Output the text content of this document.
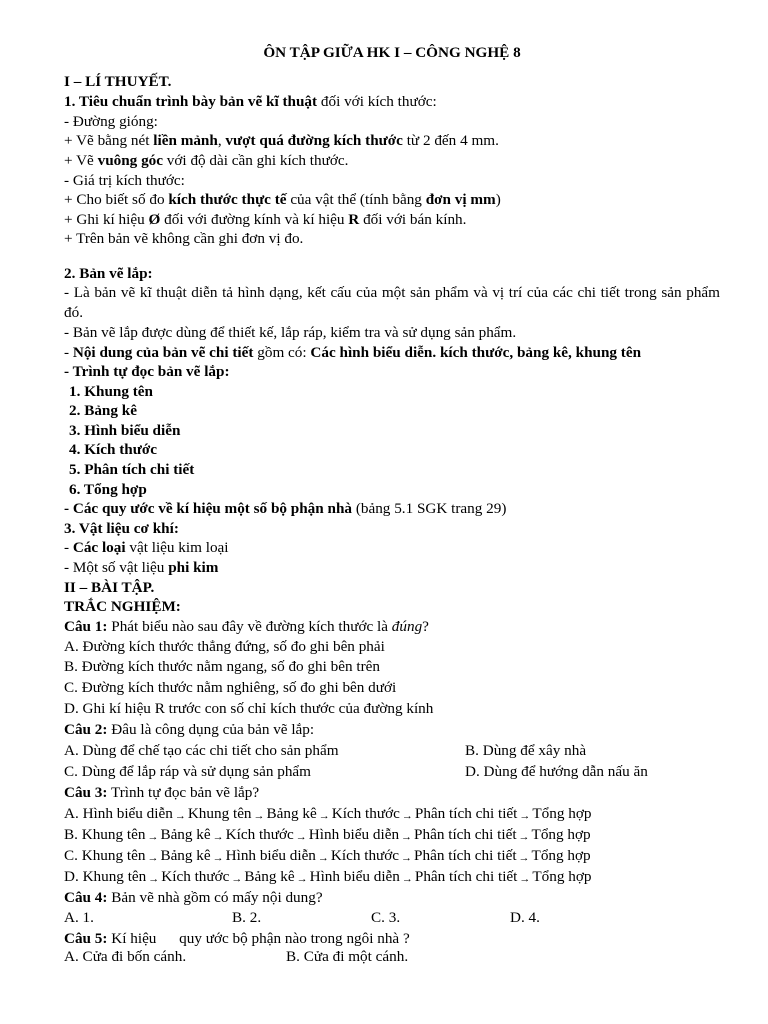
ÔN TẬP GIỮA HK I – CÔNG NGHỆ 8
I – LÍ THUYẾT.
1. Tiêu chuẩn trình bày bản vẽ kĩ thuật đối với kích thước:
- Đường gióng:
+ Vẽ bằng nét liền mảnh, vượt quá đường kích thước từ 2 đến 4 mm.
+ Vẽ vuông góc với độ dài cần ghi kích thước.
- Giá trị kích thước:
+ Cho biết số đo kích thước thực tế của vật thể (tính bằng đơn vị mm)
+ Ghi kí hiệu Ø đối với đường kính và kí hiệu R đối với bán kính.
+ Trên bản vẽ không cần ghi đơn vị đo.
2. Bản vẽ lắp:
- Là bản vẽ kĩ thuật diễn tả hình dạng, kết cấu của một sản phẩm và vị trí của các chi tiết trong sản phẩm đó.
- Bản vẽ lắp được dùng để thiết kế, lắp ráp, kiểm tra và sử dụng sản phẩm.
- Nội dung của bản vẽ chi tiết gồm có: Các hình biểu diễn. kích thước, bảng kê, khung tên
- Trình tự đọc bản vẽ lắp:
1. Khung tên
2. Bảng kê
3. Hình biểu diễn
4. Kích thước
5. Phân tích chi tiết
6. Tổng hợp
- Các quy ước về kí hiệu một số bộ phận nhà (bảng 5.1 SGK trang 29)
3. Vật liệu cơ khí:
- Các loại vật liệu kim loại
- Một số vật liệu phi kim
II – BÀI TẬP.
TRẮC NGHIỆM:
Câu 1: Phát biểu nào sau đây về đường kích thước là đúng?
A. Đường kích thước thẳng đứng, số đo ghi bên phải
B. Đường kích thước nằm ngang, số đo ghi bên trên
C. Đường kích thước nằm nghiêng, số đo ghi bên dưới
D. Ghi kí hiệu R trước con số chỉ kích thước của đường kính
Câu 2: Đâu là công dụng của bản vẽ lắp:
A. Dùng để chế tạo các chi tiết cho sản phẩm	B. Dùng để xây nhà
C. Dùng để lắp ráp và sử dụng sản phẩm	D. Dùng để hướng dẫn nấu ăn
Câu 3: Trình tự đọc bản vẽ lắp?
A. Hình biểu diễn → Khung tên → Bảng kê → Kích thước → Phân tích chi tiết → Tổng hợp
B. Khung tên → Bảng kê → Kích thước → Hình biểu diễn → Phân tích chi tiết → Tổng hợp
C. Khung tên → Bảng kê → Hình biểu diễn → Kích thước → Phân tích chi tiết → Tổng hợp
D. Khung tên → Kích thước → Bảng kê → Hình biểu diễn → Phân tích chi tiết → Tổng hợp
Câu 4: Bản vẽ nhà gồm có mấy nội dung?
A. 1.	B. 2.	C. 3.	D. 4.
Câu 5: Kí hiệu      quy ước bộ phận nào trong ngôi nhà ?
A. Cửa đi bốn cánh.	B. Cửa đi một cánh.
